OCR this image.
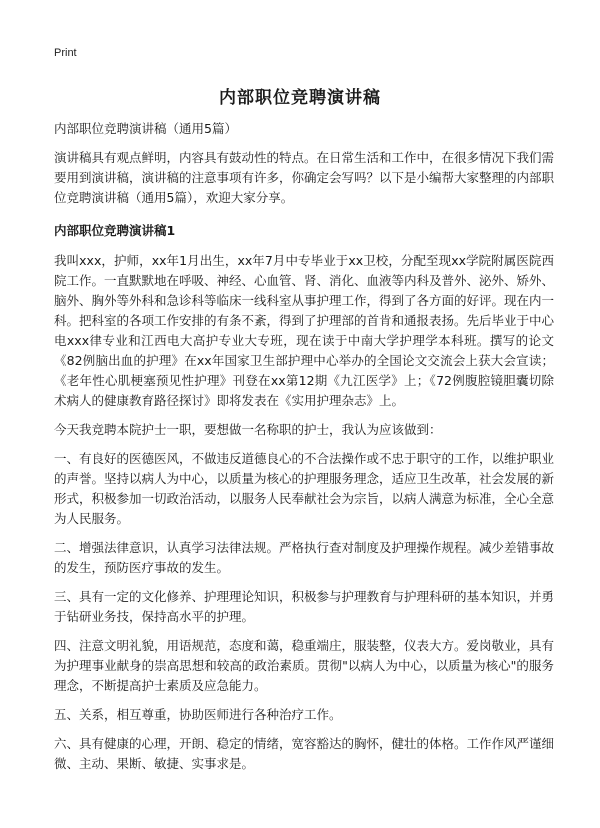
Print
内部职位竞聘演讲稿

内部职位竞聘演讲稿（通用5篇）

演讲稿具有观点鲜明，内容具有鼓动性的特点。在日常生活和工作中，在很多情况下我们需要用到演讲稿，演讲稿的注意事项有许多，你确定会写吗？以下是小编帮大家整理的内部职位竞聘演讲稿（通用5篇），欢迎大家分享。

内部职位竞聘演讲稿1

我叫xxx，护师，xx年1月出生，xx年7月中专毕业于xx卫校，分配至现xx学院附属医院西院工作。一直默默地在呼吸、神经、心血管、肾、消化、血液等内科及普外、泌外、矫外、脑外、胸外等外科和急诊科等临床一线科室从事护理工作，得到了各方面的好评。现在内一科。把科室的各项工作安排的有条不紊，得到了护理部的首肯和通报表扬。先后毕业于中心电xxx律专业和江西电大高护专业大专班，现在读于中南大学护理学本科班。撰写的论文《82例脑出血的护理》在xx年国家卫生部护理中心举办的全国论文交流会上获大会宣读；《老年性心肌梗塞预见性护理》刊登在xx第12期《九江医学》上；《72例腹腔镜胆囊切除术病人的健康教育路径探讨》即将发表在《实用护理杂志》上。

今天我竞聘本院护士一职，要想做一名称职的护士，我认为应该做到：

一、有良好的医德医风，不做违反道德良心的不合法操作或不忠于职守的工作，以维护职业的声誉。坚持以病人为中心，以质量为核心的护理服务理念，适应卫生改革，社会发展的新形式，积极参加一切政治活动，以服务人民奉献社会为宗旨，以病人满意为标准，全心全意为人民服务。

二、增强法律意识，认真学习法律法规。严格执行查对制度及护理操作规程。减少差错事故的发生，预防医疗事故的发生。

三、具有一定的文化修养、护理理论知识，积极参与护理教育与护理科研的基本知识，并勇于钻研业务技，保持高水平的护理。

四、注意文明礼貌，用语规范，态度和蔼，稳重端庄，服装整，仪表大方。爱岗敬业，具有为护理事业献身的崇高思想和较高的政治素质。贯彻"以病人为中心，以质量为核心"的服务理念，不断提高护士素质及应急能力。

五、关系，相互尊重，协助医师进行各种治疗工作。

六、具有健康的心理，开朗、稳定的情绪，宽容豁达的胸怀，健壮的体格。工作作风严谨细微、主动、果断、敏捷、实事求是。
